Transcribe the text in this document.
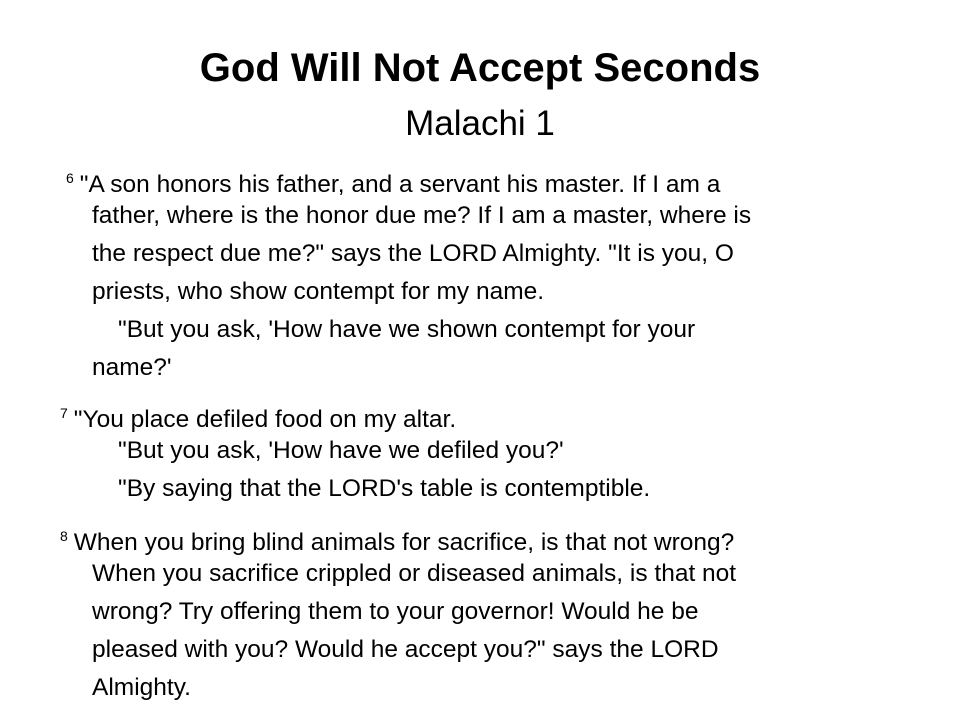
God Will Not Accept Seconds
Malachi 1
$^6$ "A son honors his father, and a servant his master. If I am a
father, where is the honor due me? If I am a master, where is
the respect due me?" says the LORD Almighty. "It is you, O
priests, who show contempt for my name.
"But you ask, 'How have we shown contempt for your
name?'
$^7$ "You place defiled food on my altar.
"But you ask, 'How have we defiled you?'
"By saying that the LORD's table is contemptible.
$^8$ When you bring blind animals for sacrifice, is that not wrong?
When you sacrifice crippled or diseased animals, is that not
wrong? Try offering them to your governor! Would he be
pleased with you? Would he accept you?" says the LORD
Almighty.
